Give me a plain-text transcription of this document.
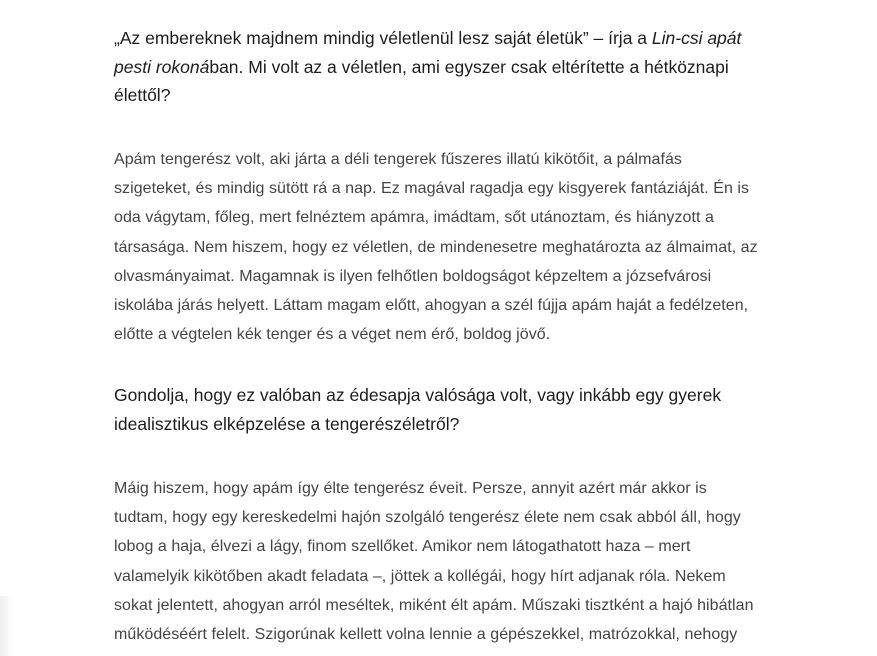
„Az embereknek majdnem mindig véletlenül lesz saját életük” – írja a Lin-csi apát
pesti rokonában. Mi volt az a véletlen, ami egyszer csak eltérítette a hétköznapi
élettől?

Apám tengerész volt, aki járta a déli tengerek fűszeres illatú kikötőit, a pálmafás
szigeteket, és mindig sütött rá a nap. Ez magával ragadja egy kisgyerek fantáziáját. Én is
oda vágytam, főleg, mert felnéztem apámra, imádtam, sőt utánoztam, és hiányzott a
társasága. Nem hiszem, hogy ez véletlen, de mindenesetre meghatározta az álmaimat, az
olvasmányaimat. Magamnak is ilyen felhőtlen boldogságot képzeltem a józsefvárosi
iskolába járás helyett. Láttam magam előtt, ahogyan a szél fújja apám haját a fedélzeten,
előtte a végtelen kék tenger és a véget nem érő, boldog jövő.

Gondolja, hogy ez valóban az édesapja valósága volt, vagy inkább egy gyerek
idealisztikus elképzelése a tengerészéletről?

Máig hiszem, hogy apám így élte tengerész éveit. Persze, annyit azért már akkor is
tudtam, hogy egy kereskedelmi hajón szolgáló tengerész élete nem csak abból áll, hogy
lobog a haja, élvezi a lágy, finom szellőket. Amikor nem látogathatott haza – mert
valamelyik kikötőben akadt feladata –, jöttek a kollégái, hogy hírt adjanak róla. Nekem
sokat jelentett, ahogyan arról meséltek, miként élt apám. Műszaki tisztként a hajó hibátlan
működéséért felelt. Szigorúnak kellett volna lennie a gépészekkel, matrózokkal, nehogy
